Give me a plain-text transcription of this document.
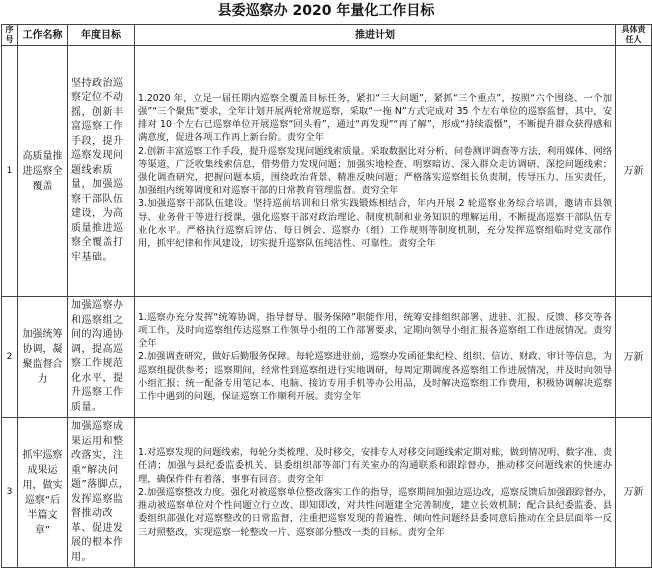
县委巡察办 2020 年量化工作目标
序号	工作名称	年度目标	推进计划	具体责任人
1	高质量推进巡察全覆盖	坚持政治巡察定位不动摇，创新丰富巡察工作手段，提升巡察发现问题线索质量，加强巡察干部队伍建设，为高质量推进巡察全覆盖打牢基础。	1.2020 年，立足一届任期内巡察全覆盖目标任务，紧扣“三大问题”，紧抓“三个重点”，按照“六个围绕、一个加强”“三个聚焦”要求，全年计划开展两轮常规巡察，采取“一拖 N”方式完成对 35 个左右单位的巡察监督，其中，安排对 10 个左右已巡察单位开展巡察“回头看”，通过“再发现”“再了解”，形成“持续震慑”，不断提升群众获得感和满意度，促进各项工作再上新台阶。责穷全年
2.创新丰富巡察工作手段，提升巡察发现问题线索质量。采取数据比对分析、问卷测评调查等方法，利用媒体、网络等渠道，广泛收集线索信息，借势借力发现问题；加强实地检查、明察暗访、深入群众走访调研、深挖问题线索；强化调查研究，把握问题本质，围绕政治背景、精准反映问题；严格落实巡察组长负责制，传导压力、压实责任，加强组内统筹调度和对巡察干部的日常教育管理监督。责穷全年
3.加强巡察干部队伍建设。坚持巡前培训和日常实践锻炼相结合，年内开展 2 轮巡察业务综合培训，邀请市县领导、业务骨干等进行授课，强化巡察干部对政治理论、制度机制和业务知识的理解运用，不断提高巡察干部队伍专业化水平。严格执行巡察后评估、每日例会、巡察办（组）工作规则等制度机制，充分发挥巡察组临时党支部作用，抓牢纪律和作风建设，切实提升巡察队伍纯洁性、可靠性。责穷全年	万新
2	加强统筹协调，凝聚监督合力	加强巡察办和巡察组之间的沟通协调，提高巡察工作规范化水平，提升巡察工作质量。	1.巡察办充分发挥“统筹协调、指导督导、服务保障”职能作用，统筹安排组织部署、进驻、汇报、反馈、移交等各项工作，及时向巡察组传达巡察工作领导小组的工作部署要求，定期向领导小组汇报各巡察组工作进展情况。责穷全年
2.加强调查研究，做好后勤服务保障。每轮巡察进驻前，巡察办发函征集纪检、组织、信访、财政、审计等信息，为巡察组提供参考；巡察期间，经常性到巡察组进行实地调研，每周定期调度各巡察组工作进展情况，并及时向领导小组汇报；统一配备专用笔记本、电脑、接访专用手机等办公用品，及时解决巡察组工作费用，积极协调解决巡察工作中遇到的问题，保证巡察工作顺利开展。责穷全年	万新
3	抓牢巡察成果运用，做实巡察“后半篇文章”	加强巡察成果运用和整改落实，注重“解决问题”落脚点，发挥巡察监督推动改革、促进发展的根本作用。	1.对巡察发现的问题线索，每轮分类梳理、及时移交，安排专人对移交问题线索定期对账，做到情况明、数字准、责任清；加强与县纪委监委机关、县委组织部等部门有关室办的沟通联系和跟踪督办，推动移交问题线索的快速办理，确保件件有着落，事事有回音。责穷全年
2.加强巡察整改力度。强化对被巡察单位整改落实工作的指导，巡察期间加强边巡边改，巡察反馈后加强跟踪督办，推动被巡察单位对个性问题立行立改、即知即改，对共性问题建全完善制度，建立长效机制；配合县纪委监委、县委组织部强化对巡察整改的日常监督，注重把巡察发现的普遍性、倾向性问题经县委同意后推动在全县层面举一反三对照整改，实现巡察一轮整改一片、巡察部分整改一类的目标。责穷全年	万新
